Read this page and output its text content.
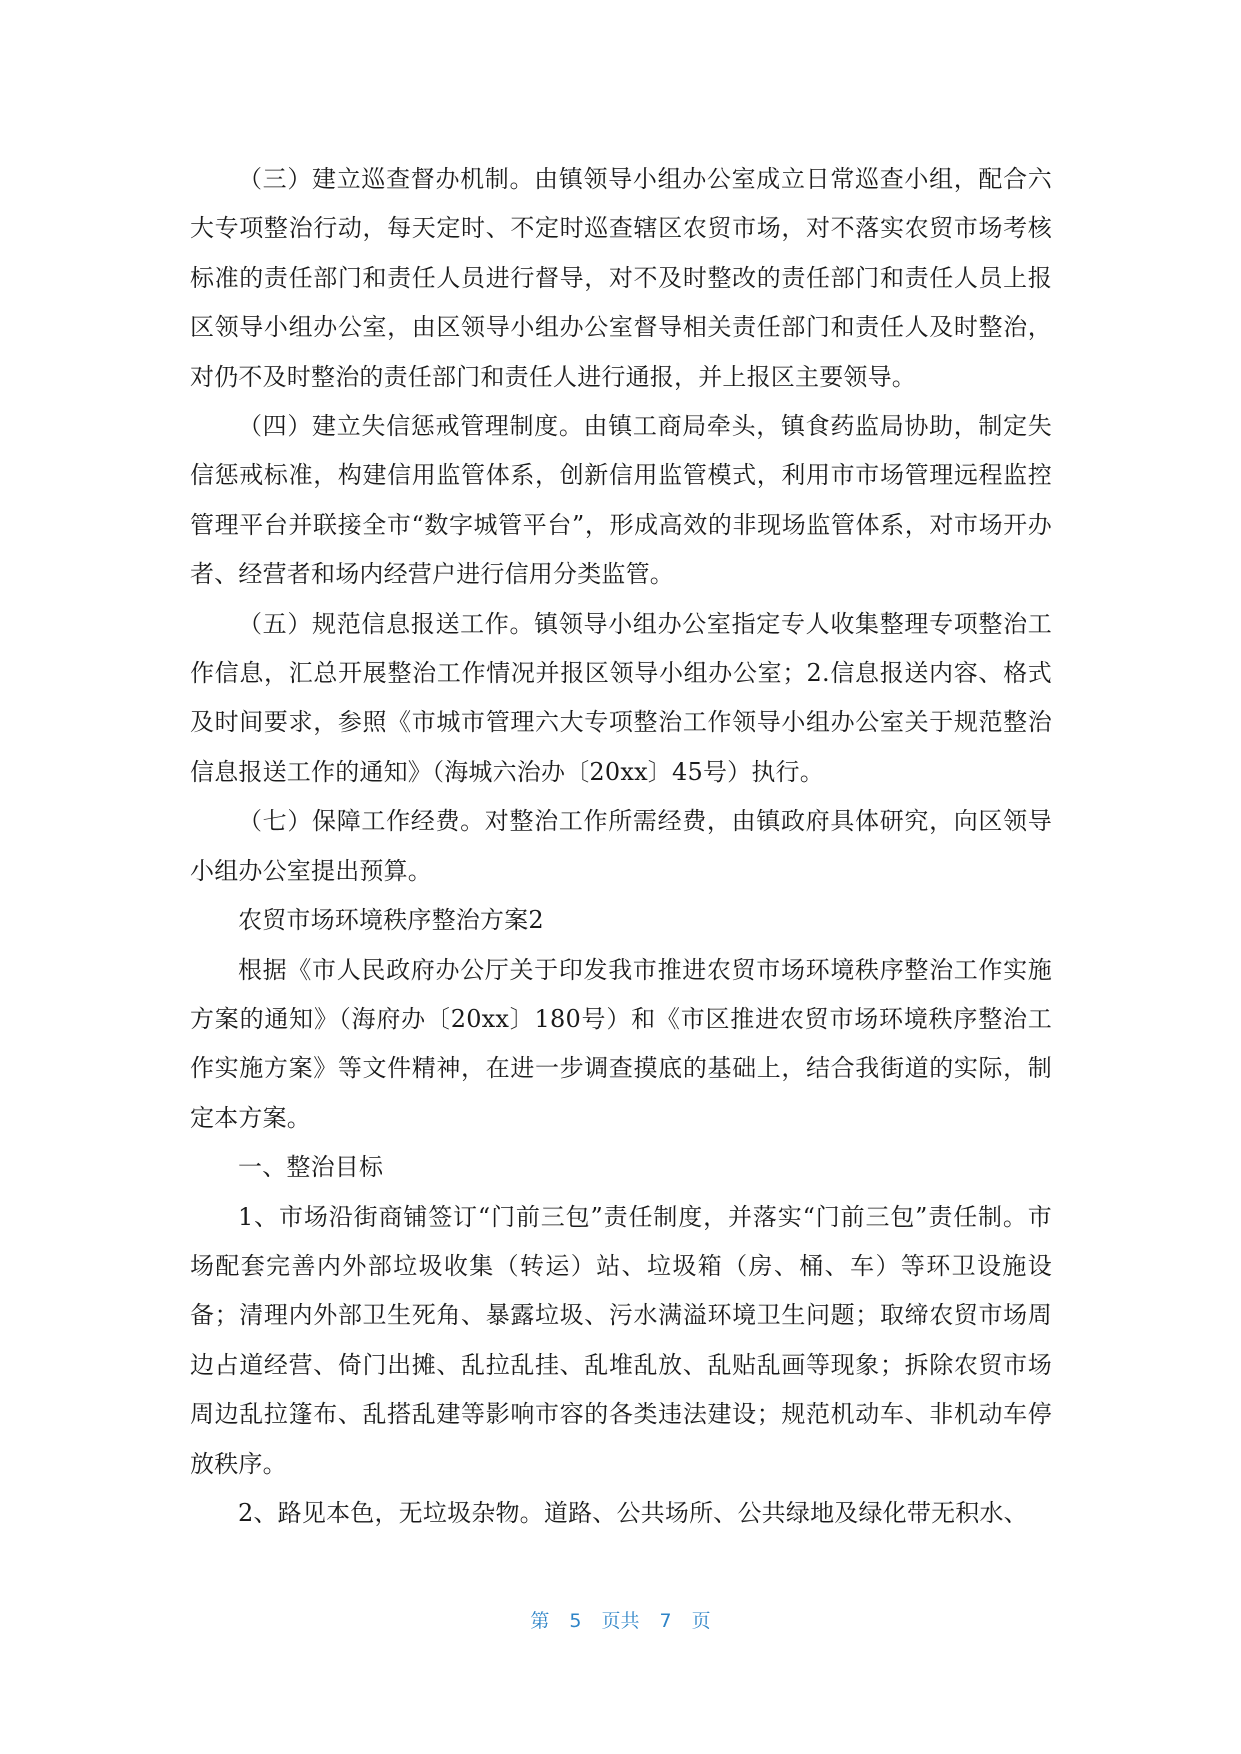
（三）建立巡查督办机制。由镇领导小组办公室成立日常巡查小组，配合六大专项整治行动，每天定时、不定时巡查辖区农贸市场，对不落实农贸市场考核标准的责任部门和责任人员进行督导，对不及时整改的责任部门和责任人员上报区领导小组办公室，由区领导小组办公室督导相关责任部门和责任人及时整治，对仍不及时整治的责任部门和责任人进行通报，并上报区主要领导。

（四）建立失信惩戒管理制度。由镇工商局牵头，镇食药监局协助，制定失信惩戒标准，构建信用监管体系，创新信用监管模式，利用市市场管理远程监控管理平台并联接全市“数字城管平台”，形成高效的非现场监管体系，对市场开办者、经营者和场内经营户进行信用分类监管。

（五）规范信息报送工作。镇领导小组办公室指定专人收集整理专项整治工作信息，汇总开展整治工作情况并报区领导小组办公室；2.信息报送内容、格式及时间要求，参照《市城市管理六大专项整治工作领导小组办公室关于规范整治信息报送工作的通知》（海城六治办〔20xx〕45号）执行。

（七）保障工作经费。对整治工作所需经费，由镇政府具体研究，向区领导小组办公室提出预算。

农贸市场环境秩序整治方案2

根据《市人民政府办公厅关于印发我市推进农贸市场环境秩序整治工作实施方案的通知》（海府办〔20xx〕180号）和《市区推进农贸市场环境秩序整治工作实施方案》等文件精神，在进一步调查摸底的基础上，结合我街道的实际，制定本方案。

一、整治目标

1、市场沿街商铺签订“门前三包”责任制度，并落实“门前三包”责任制。市场配套完善内外部垃圾收集（转运）站、垃圾箱（房、桶、车）等环卫设施设备；清理内外部卫生死角、暴露垃圾、污水满溢环境卫生问题；取缔农贸市场周边占道经营、倚门出摊、乱拉乱挂、乱堆乱放、乱贴乱画等现象；拆除农贸市场周边乱拉篷布、乱搭乱建等影响市容的各类违法建设；规范机动车、非机动车停放秩序。

2、路见本色，无垃圾杂物。道路、公共场所、公共绿地及绿化带无积水、

第 5 页共 7 页
